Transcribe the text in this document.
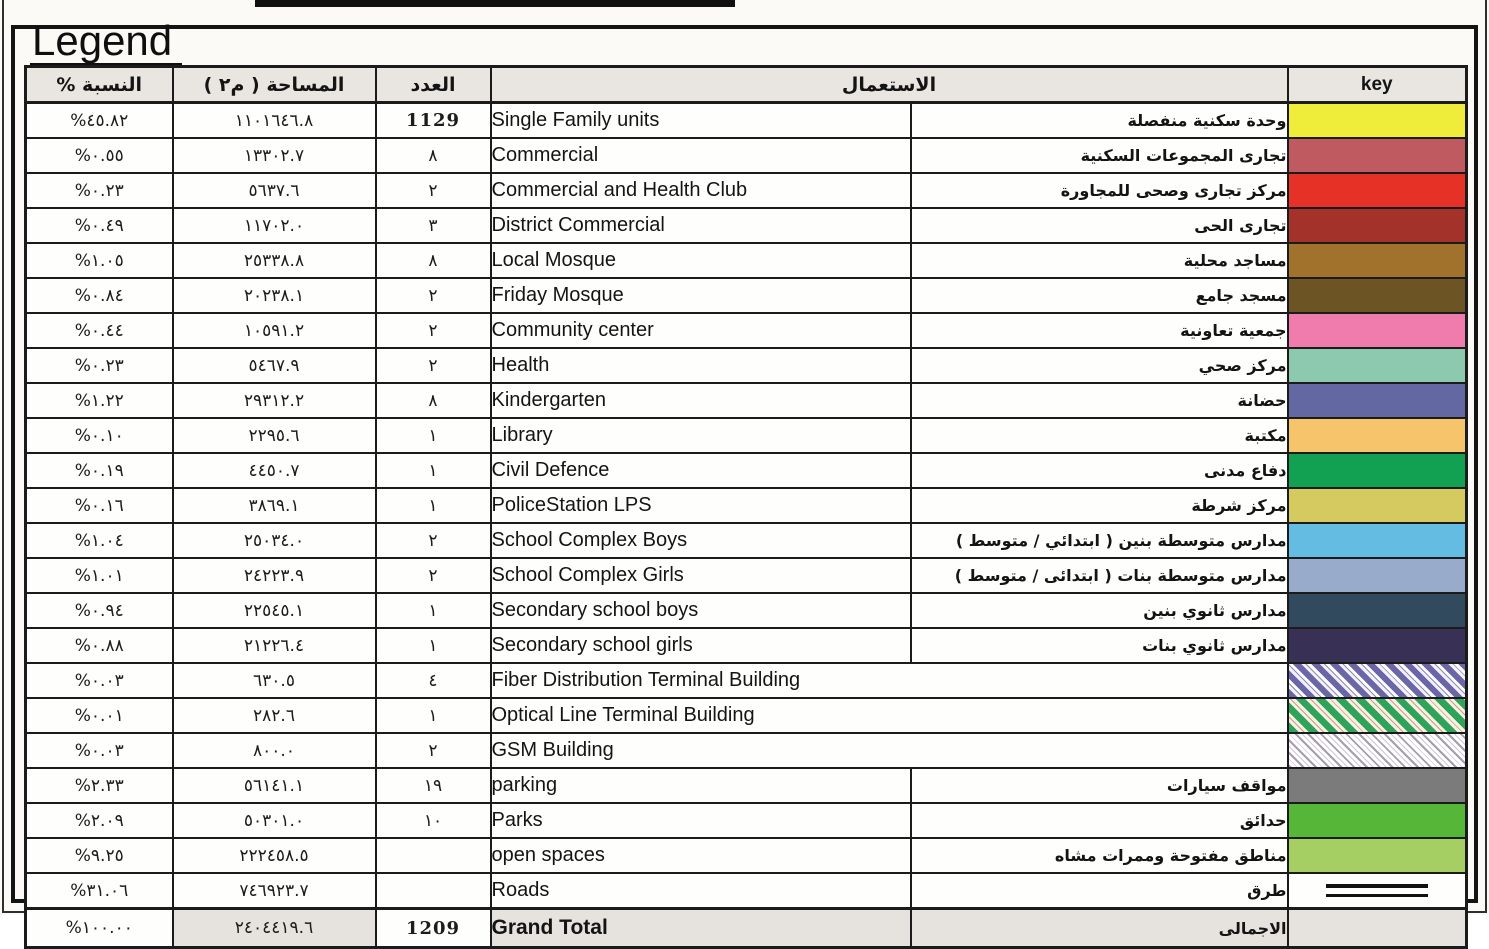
Legend
النسبة %	المساحة ( م٢ )	العدد	الاستعمال		key
%٤٥.٨٢	١١٠١٦٤٦.٨	1129	Single Family units	وحدة سكنية منفصلة	
%٠.٥٥	١٣٣٠٢.٧	٨	Commercial	تجارى المجموعات السكنية	
%٠.٢٣	٥٦٣٧.٦	٢	Commercial and Health Club	مركز تجارى وصحى للمجاورة	
%٠.٤٩	١١٧٠٢.٠	٣	District Commercial	تجارى الحى	
%١.٠٥	٢٥٣٣٨.٨	٨	Local Mosque	مساجد محلية	
%٠.٨٤	٢٠٢٣٨.١	٢	Friday Mosque	مسجد جامع	
%٠.٤٤	١٠٥٩١.٢	٢	Community center	جمعية تعاونية	
%٠.٢٣	٥٤٦٧.٩	٢	Health	مركز صحي	
%١.٢٢	٢٩٣١٢.٢	٨	Kindergarten	حضانة	
%٠.١٠	٢٢٩٥.٦	١	Library	مكتبة	
%٠.١٩	٤٤٥٠.٧	١	Civil Defence	دفاع مدنى	
%٠.١٦	٣٨٦٩.١	١	PoliceStation LPS	مركز شرطة	
%١.٠٤	٢٥٠٣٤.٠	٢	School Complex Boys	مدارس متوسطة بنين ( ابتدائي / متوسط )	
%١.٠١	٢٤٢٢٣.٩	٢	School Complex Girls	مدارس متوسطة بنات ( ابتدائى / متوسط )	
%٠.٩٤	٢٢٥٤٥.١	١	Secondary school boys	مدارس ثانوي بنين	
%٠.٨٨	٢١٢٢٦.٤	١	Secondary school girls	مدارس ثانوي بنات	
%٠.٠٣	٦٣٠.٥	٤	Fiber Distribution Terminal Building		
%٠.٠١	٢٨٢.٦	١	Optical Line Terminal Building		
%٠.٠٣	٨٠٠.٠	٢	GSM Building		
%٢.٣٣	٥٦١٤١.١	١٩	parking	مواقف سيارات	
%٢.٠٩	٥٠٣٠١.٠	١٠	Parks	حدائق	
%٩.٢٥	٢٢٢٤٥٨.٥		open spaces	مناطق مفتوحة وممرات مشاه	
%٣١.٠٦	٧٤٦٩٢٣.٧		Roads	طرق	

%١٠٠.٠٠	٢٤٠٤٤١٩.٦	1209	Grand Total	الاجمالى	
